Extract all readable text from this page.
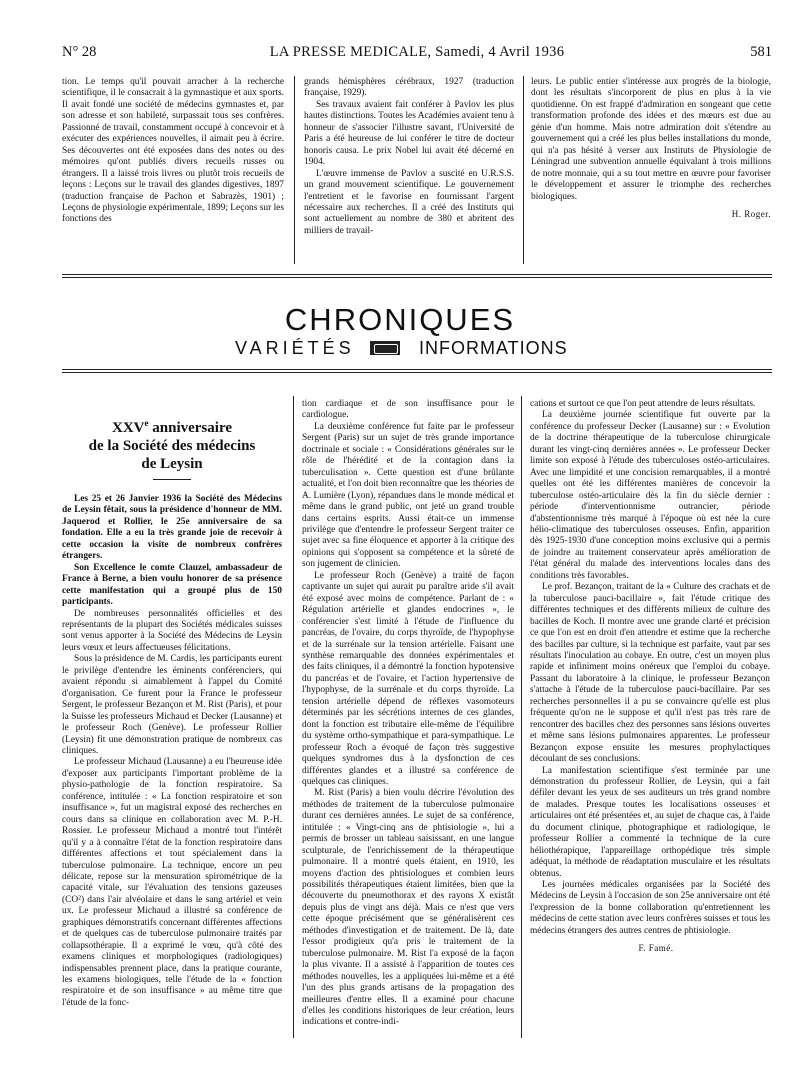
N° 28	LA PRESSE MEDICALE, Samedi, 4 Avril 1936	581

tion. Le temps qu'il pouvait arracher à la recherche scientifique, il le consacrait à la gymnastique et aux sports. Il avait fondé une société de médecins gymnastes et, par son adresse et son habileté, surpassait tous ses confrères. Passionné de travail, constamment occupé à concevoir et à exécuter des expériences nouvelles, il aimait peu à écrire. Ses découvertes ont été exposées dans des notes ou des mémoires qu'ont publiés divers recueils russes ou étrangers. Il a laissé trois livres ou plutôt trois recueils de leçons : Leçons sur le travail des glandes digestives, 1897 (traduction française de Pachon et Sabrazès, 1901) ; Leçons de physiologie expérimentale, 1899; Leçons sur les fonctions des

grands hémisphères cérébraux, 1927 (traduction française, 1929).

Ses travaux avaient fait conférer à Pavlov les plus hautes distinctions. Toutes les Académies avaient tenu à honneur de s'associer l'illustre savant, l'Université de Paris a été heureuse de lui conférer le titre de docteur honoris causa. Le prix Nobel lui avait été décerné en 1904.

L'œuvre immense de Pavlov a suscité en U.R.S.S. un grand mouvement scientifique. Le gouvernement l'entretient et le favorise en fournissant l'argent nécessaire aux recherches. Il a créé des Instituts qui sont actuellement au nombre de 380 et abritent des milliers de travail-

leurs. Le public entier s'intéresse aux progrès de la biologie, dont les résultats s'incorporent de plus en plus à la vie quotidienne. On est frappé d'admiration en songeant que cette transformation profonde des idées et des mœurs est due au génie d'un homme. Mais notre admiration doit s'étendre au gouvernement qui a créé les plus belles installations du monde, qui n'a pas hésité à verser aux Instituts de Physiologie de Léningrad une subvention annuelle équivalant à trois millions de notre monnaie, qui a su tout mettre en œuvre pour favoriser le développement et assurer le triomphe des recherches biologiques.

H. Roger.

CHRONIQUES
VARIÉTÉS	INFORMATIONS
XXVe anniversaire
de la Société des médecins
de Leysin

Les 25 et 26 Janvier 1936 la Société des Médecins de Leysin fêtait, sous la présidence d'honneur de MM. Jaquerod et Rollier, le 25e anniversaire de sa fondation. Elle a eu la très grande joie de recevoir à cette occasion la visite de nombreux confrères étrangers.

Son Excellence le comte Clauzel, ambassadeur de France à Berne, a bien voulu honorer de sa présence cette manifestation qui a groupé plus de 150 participants.

De nombreuses personnalités officielles et des représentants de la plupart des Sociétés médicales suisses sont venus apporter à la Société des Médecins de Leysin leurs vœux et leurs affectueuses félicitations.

Sous la présidence de M. Cardis, les participants eurent le privilège d'entendre les éminents conférenciers, qui avaient répondu si aimablement à l'appel du Comité d'organisation. Ce furent pour la France le professeur Sergent, le professeur Bezançon et M. Rist (Paris), et pour la Suisse les professeurs Michaud et Decker (Lausanne) et le professeur Roch (Genève). Le professeur Rollier (Leysin) fit une démonstration pratique de nombreux cas cliniques.

Le professeur Michaud (Lausanne) a eu l'heureuse idée d'exposer aux participants l'important problème de la physio-pathologie de la fonction respiratoire. Sa conférence, intitulée : « La fonction respiratoire et son insuffisance », fut un magistral exposé des recherches en cours dans sa clinique en collaboration avec M. P.-H. Rossier. Le professeur Michaud a montré tout l'intérêt qu'il y a à connaître l'état de la fonction respiratoire dans différentes affections et tout spécialement dans la tuberculose pulmonaire. La technique, encore un peu délicate, repose sur la mensuration spirométrique de la capacité vitale, sur l'évaluation des tensions gazeuses (CO²) dans l'air alvéolaire et dans le sang artériel et vein ux. Le professeur Michaud a illustré sa conférence de graphiques démonstratifs concernant différentes affections et de quelques cas de tuberculose pulmonaire traités par collapsothérapie. Il a exprimé le vœu, qu'à côté des examens cliniques et morphologiques (radiologiques) indispensables prennent place, dans la pratique courante, les examens biologiques, telle l'étude de la « fonction respiratoire et de son insuffisance » au même titre que l'étude de la fonc-

tion cardiaque et de son insuffisance pour le cardiologue.

La deuxième conférence fut faite par le professeur Sergent (Paris) sur un sujet de très grande importance doctrinale et sociale : « Considérations générales sur le rôle de l'hérédité et de la contagion dans la tuberculisation ». Cette question est d'une brûlante actualité, et l'on doit bien reconnaître que les théories de A. Lumière (Lyon), répandues dans le monde médical et même dans le grand public, ont jeté un grand trouble dans certains esprits. Aussi était-ce un immense privilège que d'entendre le professeur Sergent traiter ce sujet avec sa fine éloquence et apporter à la critique des opinions qui s'opposent sa compétence et la sûreté de son jugement de clinicien.

Le professeur Roch (Genève) a traité de façon captivante un sujet qui aurait pu paraître aride s'il avait été exposé avec moins de compétence. Parlant de : « Régulation artérielle et glandes endocrines », le conférencier s'est limité à l'étude de l'influence du pancréas, de l'ovaire, du corps thyroïde, de l'hypophyse et de la surrénale sur la tension artérielle. Faisant une synthèse remarquable des données expérimentales et des faits cliniques, il a démontré la fonction hypotensive du pancréas et de l'ovaire, et l'action hypertensive de l'hypophyse, de la surrénale et du corps thyroïde. La tension artérielle dépend de réflexes vasomoteurs déterminés par les sécrétions internes de ces glandes, dont la fonction est tributaire elle-même de l'équilibre du système ortho-sympathique et para-sympathique. Le professeur Roch a évoqué de façon très suggestive quelques syndromes dus à la dysfonction de ces différentes glandes et a illustré sa conférence de quelques cas cliniques.

M. Rist (Paris) a bien voulu décrire l'évolution des méthodes de traitement de la tuberculose pulmonaire durant ces dernières années. Le sujet de sa conférence, intitulée : « Vingt-cinq ans de phtisiologie », lui a permis de brosser un tableau saisissant, en une langue sculpturale, de l'enrichissement de la thérapeutique pulmonaire. Il a montré quels étaient, en 1910, les moyens d'action des phtisiologues et combien leurs possibilités thérapeutiques étaient limitées, bien que la découverte du pneumothorax et des rayons X existât depuis plus de vingt ans déjà. Mais ce n'est que vers cette époque précisément que se généralisèrent ces méthodes d'investigation et de traitement. De là, date l'essor prodigieux qu'a pris le traitement de la tuberculose pulmonaire. M. Rist l'a exposé de la façon la plus vivante. Il a assisté à l'apparition de toutes ces méthodes nouvelles, les a appliquées lui-même et a été l'un des plus grands artisans de la propagation des meilleures d'entre elles. Il a examiné pour chacune d'elles les conditions historiques de leur création, leurs indications et contre-indi-

cations et surtout ce que l'on peut attendre de leurs résultats.

La deuxième journée scientifique fut ouverte par la conférence du professeur Decker (Lausanne) sur : « Evolution de la doctrine thérapeutique de la tuberculose chirurgicale durant les vingt-cinq dernières années ». Le professeur Decker limite son exposé à l'étude des tuberculoses ostéo-articulaires. Avec une limpidité et une concision remarquables, il a montré quelles ont été les différentes manières de concevoir la tuberculose ostéo-articulaire dès la fin du siècle dernier : période d'interventionnisme outrancier, période d'abstentionnisme très marqué à l'époque où est née la cure hélio-climatique des tuberculoses osseuses. Enfin, apparition dès 1925-1930 d'une conception moins exclusive qui a permis de joindre au traitement conservateur après amélioration de l'état général du malade des interventions locales dans des conditions très favorables.

Le prof. Bezançon, traitant de la « Culture des crachats et de la tuberculose pauci-bacillaire », fait l'étude critique des différentes techniques et des différents milieux de culture des bacilles de Koch. Il montre avec une grande clarté et précision ce que l'on est en droit d'en attendre et estime que la recherche des bacilles par culture, si la technique est parfaite, vaut par ses résultats l'inoculation au cobaye. En outre, c'est un moyen plus rapide et infiniment moins onéreux que l'emploi du cobaye. Passant du laboratoire à la clinique, le professeur Bezançon s'attache à l'étude de la tuberculose pauci-bacillaire. Par ses recherches personnelles il a pu se convaincre qu'elle est plus fréquente qu'on ne le suppose et qu'il n'est pas très rare de rencontrer des bacilles chez des personnes sans lésions ouvertes et même sans lésions pulmonaires apparentes. Le professeur Bezançon expose ensuite les mesures prophylactiques découlant de ses conclusions.

La manifestation scientifique s'est terminée par une démonstration du professeur Rollier, de Leysin, qui a fait défiler devant les yeux de ses auditeurs un très grand nombre de malades. Presque toutes les localisations osseuses et articulaires ont été présentées et, au sujet de chaque cas, à l'aide du document clinique, photographique et radiologique, le professeur Rollier a commenté la technique de la cure héliothérapique, l'appareillage orthopédique très simple adéquat, la méthode de réadaptation musculaire et les résultats obtenus.

Les journées médicales organisées par la Société des Médecins de Leysin à l'occasion de son 25e anniversaire ont été l'expression de la bonne collaboration qu'entretiennent les médecins de cette station avec leurs confrères suisses et tous les médecins étrangers des autres centres de phtisiologie.

F. Famé.
